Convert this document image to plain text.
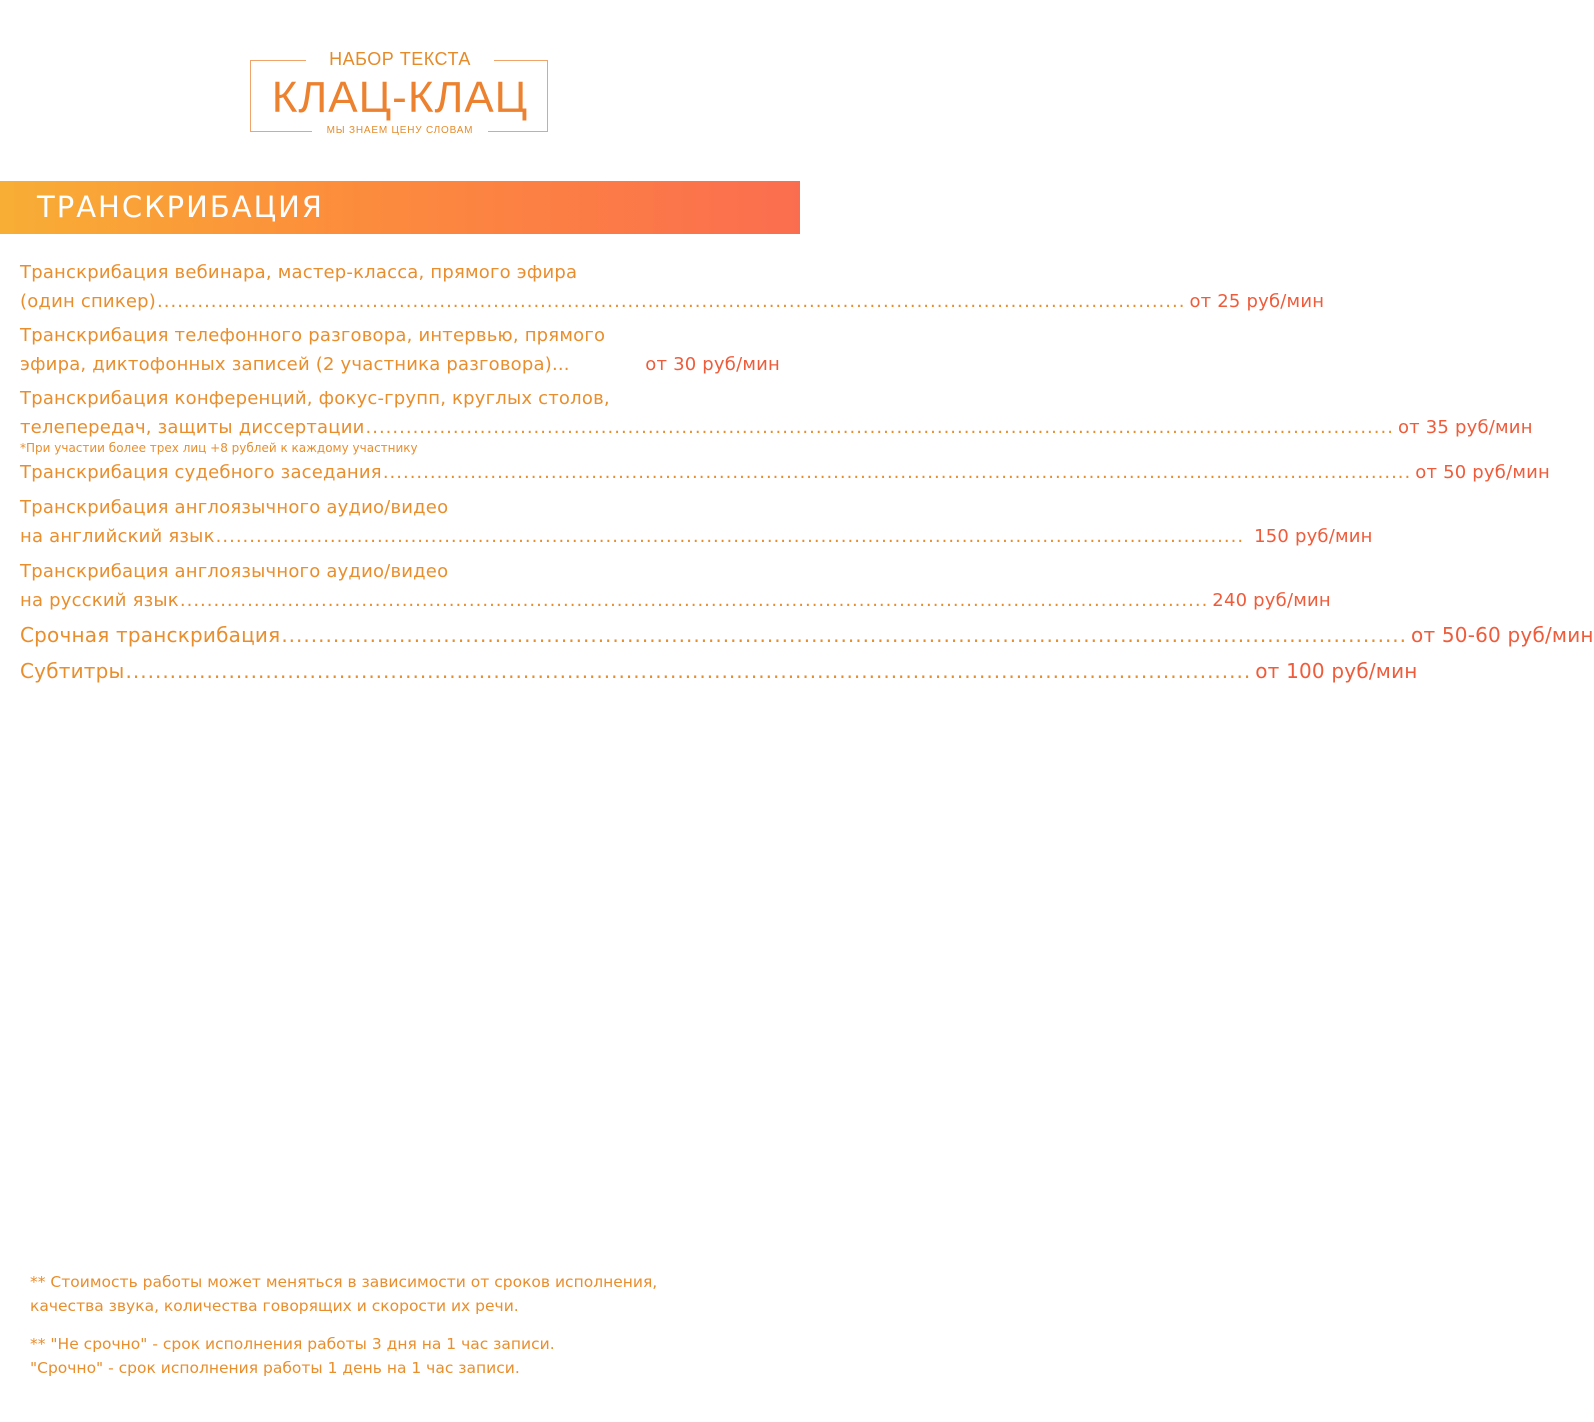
НАБОР ТЕКСТА
КЛАЦ-КЛАЦ
МЫ ЗНАЕМ ЦЕНУ СЛОВАМ
ТРАНСКРИБАЦИЯ
Транскрибация вебинара, мастер-класса, прямого эфира
(один спикер) ......................................................................................................................................................... от 25 руб/мин
Транскрибация телефонного разговора, интервью, прямого
эфира, диктофонных записей (2 участника разговора)...	от 30 руб/мин
Транскрибация конференций, фокус-групп, круглых столов,
телепередач, защиты диссертации ......................................................................................................................................................... от 35 руб/мин
*При участии более трех лиц +8 рублей к каждому участнику
Транскрибация судебного заседания ......................................................................................................................................................... от 50 руб/мин
Транскрибация англоязычного аудио/видео
на английский язык ......................................................................................................................................................... 150 руб/мин
Транскрибация англоязычного аудио/видео
на русский язык ......................................................................................................................................................... 240 руб/мин
Срочная транскрибация ......................................................................................................................................................... от 50-60 руб/мин
Субтитры ......................................................................................................................................................... от 100 руб/мин
** Стоимость работы может меняться в зависимости от сроков исполнения,
качества звука, количества говорящих и скорости их речи.
** "Не срочно" - срок исполнения работы 3 дня на 1 час записи.
"Срочно" - срок исполнения работы 1 день на 1 час записи.
